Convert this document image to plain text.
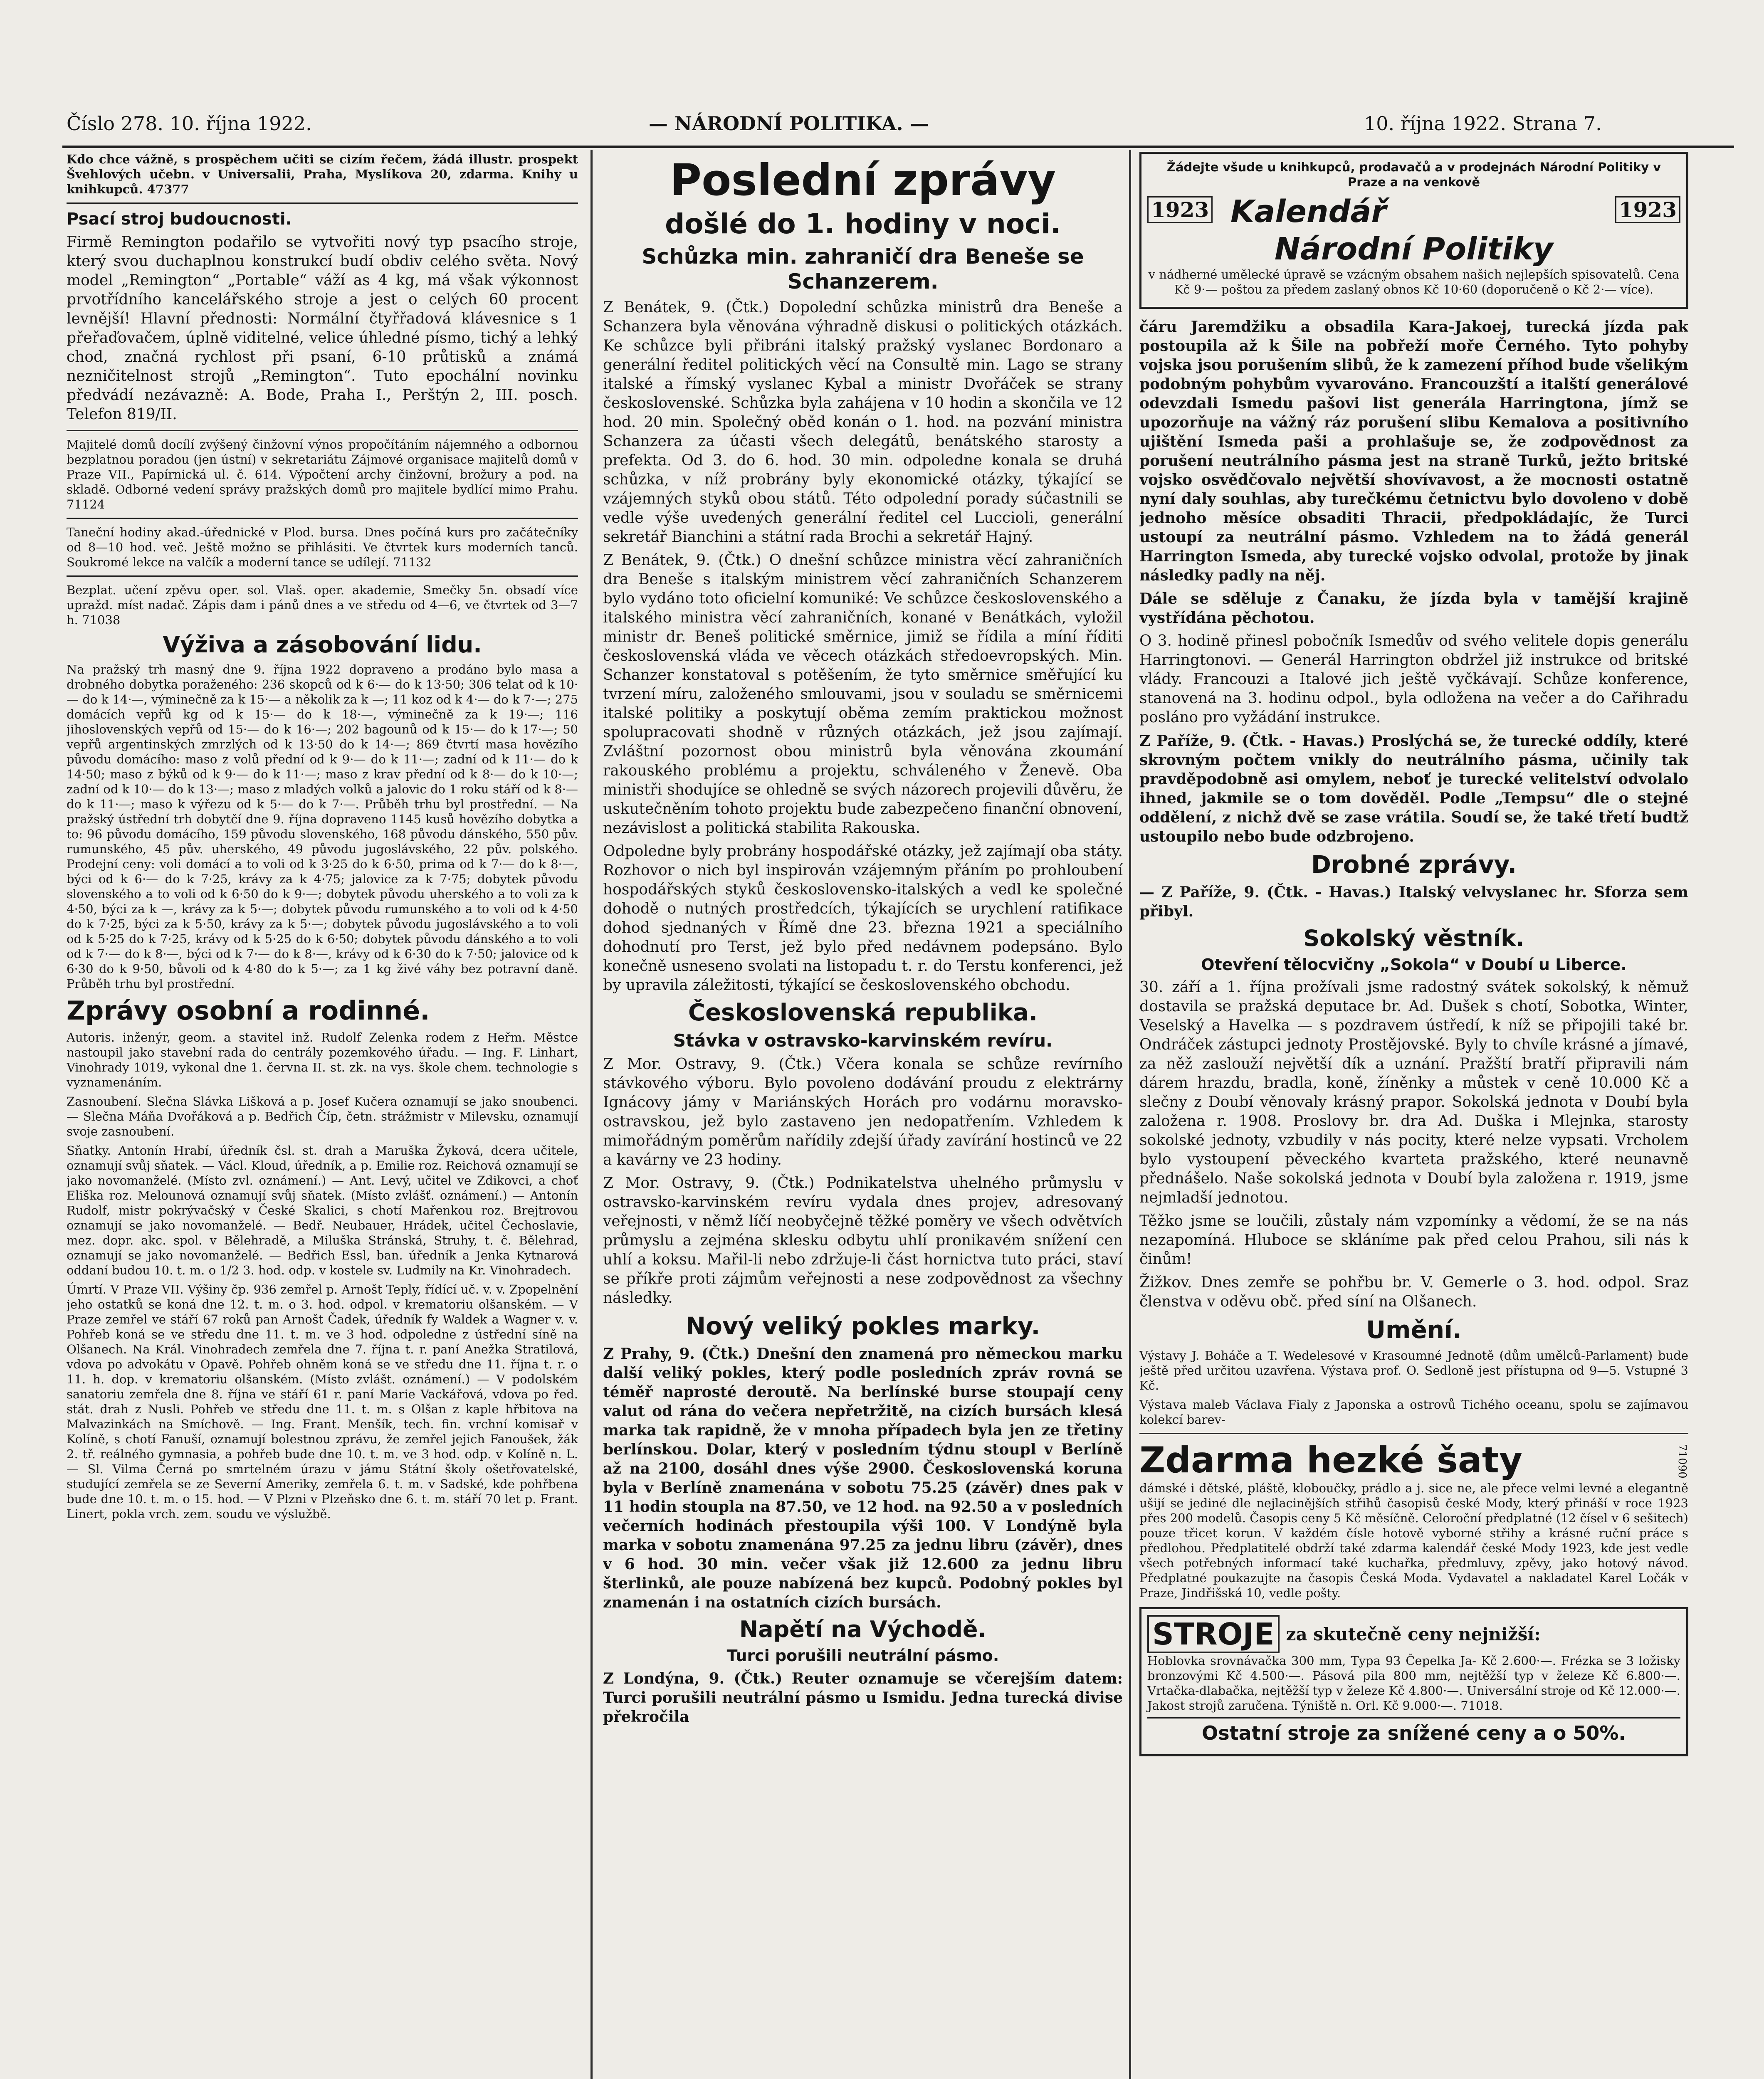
Číslo 278. 10. října 1922.	— NÁRODNÍ POLITIKA. —	10. října 1922. Strana 7.

Kdo chce vážně, s prospěchem učiti se cizím řečem, žádá illustr. prospekt Švehlových učebn. v Universalii, Praha, Myslíkova 20, zdarma. Knihy u knihkupců. 47377

Psací stroj budoucnosti.

Firmě Remington podařilo se vytvořiti nový typ psacího stroje, který svou duchaplnou konstrukcí budí obdiv celého světa. Nový model „Remington“ „Portable“ váží as 4 kg, má však výkonnost prvotřídního kancelářského stroje a jest o celých 60 procent levnější! Hlavní přednosti: Normální čtyřřadová klávesnice s 1 přeřaďovačem, úplně viditelné, velice úhledné písmo, tichý a lehký chod, značná rychlost při psaní, 6-10 průtisků a známá nezničitelnost strojů „Remington“. Tuto epochální novinku předvádí nezávazně: A. Bode, Praha I., Perštýn 2, III. posch. Telefon 819/II.

Majitelé domů docílí zvýšený činžovní výnos propočítáním nájemného a odbornou bezplatnou poradou (jen ústní) v sekretariátu Zájmové organisace majitelů domů v Praze VII., Papírnická ul. č. 614. Výpočtení archy činžovní, brožury a pod. na skladě. Odborné vedení správy pražských domů pro majitele bydlící mimo Prahu. 71124

Taneční hodiny akad.-úřednické v Plod. bursa. Dnes počíná kurs pro začátečníky od 8—10 hod. več. Ještě možno se přihlásiti. Ve čtvrtek kurs moderních tanců. Soukromé lekce na valčík a moderní tance se udílejí. 71132

Bezplat. učení zpěvu oper. sol. Vlaš. oper. akademie, Smečky 5n. obsadí více upražd. míst nadač. Zápis dam i pánů dnes a ve středu od 4—6, ve čtvrtek od 3—7 h. 71038

Výživa a zásobování lidu.

Na pražský trh masný dne 9. října 1922 dopraveno a prodáno bylo masa a drobného dobytka poraženého: 236 skopců od k 6·— do k 13·50; 306 telat od k 10·— do k 14·—, výminečně za k 15·— a několik za k —; 11 koz od k 4·— do k 7·—; 275 domácích vepřů kg od k 15·— do k 18·—, výminečně za k 19·—; 116 jihoslovenských vepřů od 15·— do k 16·—; 202 bagounů od k 15·— do k 17·—; 50 vepřů argentinských zmrzlých od k 13·50 do k 14·—; 869 čtvrtí masa hovězího původu domácího: maso z volů přední od k 9·— do k 11·—; zadní od k 11·— do k 14·50; maso z býků od k 9·— do k 11·—; maso z krav přední od k 8·— do k 10·—; zadní od k 10·— do k 13·—; maso z mladých volků a jalovic do 1 roku stáří od k 8·— do k 11·—; maso k výřezu od k 5·— do k 7·—. Průběh trhu byl prostřední. — Na pražský ústřední trh dobytčí dne 9. října dopraveno 1145 kusů hovězího dobytka a to: 96 původu domácího, 159 původu slovenského, 168 původu dánského, 550 pův. rumunského, 45 pův. uherského, 49 původu jugoslávského, 22 pův. polského. Prodejní ceny: voli domácí a to voli od k 3·25 do k 6·50, prima od k 7·— do k 8·—, býci od k 6·— do k 7·25, krávy za k 4·75; jalovice za k 7·75; dobytek původu slovenského a to voli od k 6·50 do k 9·—; dobytek původu uherského a to voli za k 4·50, býci za k —, krávy za k 5·—; dobytek původu rumunského a to voli od k 4·50 do k 7·25, býci za k 5·50, krávy za k 5·—; dobytek původu jugoslávského a to voli od k 5·25 do k 7·25, krávy od k 5·25 do k 6·50; dobytek původu dánského a to voli od k 7·— do k 8·—, býci od k 7·— do k 8·—, krávy od k 6·30 do k 7·50; jalovice od k 6·30 do k 9·50, bůvoli od k 4·80 do k 5·—; za 1 kg živé váhy bez potravní daně. Průběh trhu byl prostřední.

Zprávy osobní a rodinné.

Autoris. inženýr, geom. a stavitel inž. Rudolf Zelenka rodem z Heřm. Městce nastoupil jako stavební rada do centrály pozemkového úřadu. — Ing. F. Linhart, Vinohrady 1019, vykonal dne 1. června II. st. zk. na vys. škole chem. technologie s vyznamenáním.

Zasnoubení. Slečna Slávka Lišková a p. Josef Kučera oznamují se jako snoubenci. — Slečna Máňa Dvořáková a p. Bedřich Číp, četn. strážmistr v Milevsku, oznamují svoje zasnoubení.

Sňatky. Antonín Hrabí, úředník čsl. st. drah a Maruška Žyková, dcera učitele, oznamují svůj sňatek. — Václ. Kloud, úředník, a p. Emilie roz. Reichová oznamují se jako novomanželé. (Místo zvl. oznámení.) — Ant. Levý, učitel ve Zdikovci, a choť Eliška roz. Melounová oznamují svůj sňatek. (Místo zvlášť. oznámení.) — Antonín Rudolf, mistr pokrývačský v České Skalici, s chotí Mařenkou roz. Brejtrovou oznamují se jako novomanželé. — Bedř. Neubauer, Hrádek, učitel Čechoslavie, mez. dopr. akc. spol. v Bělehradě, a Miluška Stránská, Struhy, t. č. Bělehrad, oznamují se jako novomanželé. — Bedřich Essl, ban. úředník a Jenka Kytnarová oddaní budou 10. t. m. o 1/2 3. hod. odp. v kostele sv. Ludmily na Kr. Vinohradech.

Úmrtí. V Praze VII. Výšiny čp. 936 zemřel p. Arnošt Teply, řídící uč. v. v. Zpopelnění jeho ostatků se koná dne 12. t. m. o 3. hod. odpol. v krematoriu olšanském. — V Praze zemřel ve stáří 67 roků pan Arnošt Čadek, úředník fy Waldek a Wagner v. v. Pohřeb koná se ve středu dne 11. t. m. ve 3 hod. odpoledne z ústřední síně na Olšanech. Na Král. Vinohradech zemřela dne 7. října t. r. paní Anežka Stratilová, vdova po advokátu v Opavě. Pohřeb ohněm koná se ve středu dne 11. října t. r. o 11. h. dop. v krematoriu olšanském. (Místo zvlášt. oznámení.) — V podolském sanatoriu zemřela dne 8. října ve stáří 61 r. paní Marie Vackářová, vdova po řed. stát. drah z Nusli. Pohřeb ve středu dne 11. t. m. s Olšan z kaple hřbitova na Malvazinkách na Smíchově. — Ing. Frant. Menšík, tech. fin. vrchní komisař v Kolíně, s chotí Fanuší, oznamují bolestnou zprávu, že zemřel jejich Fanoušek, žák 2. tř. reálného gymnasia, a pohřeb bude dne 10. t. m. ve 3 hod. odp. v Kolíně n. L. — Sl. Vilma Černá po smrtelném úrazu v jámu Státní školy ošetřovatelské, studující zemřela se ze Severní Ameriky, zemřela 6. t. m. v Sadské, kde pohřbena bude dne 10. t. m. o 15. hod. — V Plzni v Plzeňsko dne 6. t. m. stáří 70 let p. Frant. Linert, pokla vrch. zem. soudu ve výslužbě.

Poslední zprávy
došlé do 1. hodiny v noci.
Schůzka min. zahraničí dra Beneše se Schanzerem.

Z Benátek, 9. (Čtk.) Dopolední schůzka ministrů dra Beneše a Schanzera byla věnována výhradně diskusi o politických otázkách. Ke schůzce byli přibráni italský pražský vyslanec Bordonaro a generální ředitel politických věcí na Consultě min. Lago se strany italské a římský vyslanec Kybal a ministr Dvořáček se strany československé. Schůzka byla zahájena v 10 hodin a skončila ve 12 hod. 20 min. Společný oběd konán o 1. hod. na pozvání ministra Schanzera za účasti všech delegátů, benátského starosty a prefekta. Od 3. do 6. hod. 30 min. odpoledne konala se druhá schůzka, v níž probrány byly ekonomické otázky, týkající se vzájemných styků obou států. Této odpolední porady súčastnili se vedle výše uvedených generální ředitel cel Luccioli, generální sekretář Bianchini a státní rada Brochi a sekretář Hajný.

Z Benátek, 9. (Čtk.) O dnešní schůzce ministra věcí zahraničních dra Beneše s italským ministrem věcí zahraničních Schanzerem bylo vydáno toto oficielní komuniké: Ve schůzce československého a italského ministra věcí zahraničních, konané v Benátkách, vyložil ministr dr. Beneš politické směrnice, jimiž se řídila a míní říditi československá vláda ve věcech otázkách středoevropských. Min. Schanzer konstatoval s potěšením, že tyto směrnice směřující ku tvrzení míru, založeného smlouvami, jsou v souladu se směrnicemi italské politiky a poskytují oběma zemím praktickou možnost spolupracovati shodně v různých otázkách, jež jsou zajímají. Zvláštní pozornost obou ministrů byla věnována zkoumání rakouského problému a projektu, schváleného v Ženevě. Oba ministři shodujíce se ohledně se svých názorech projevili důvěru, že uskutečněním tohoto projektu bude zabezpečeno finanční obnovení, nezávislost a politická stabilita Rakouska.

Odpoledne byly probrány hospodářské otázky, jež zajímají oba státy. Rozhovor o nich byl inspirován vzájemným přáním po prohloubení hospodářských styků československo-italských a vedl ke společné dohodě o nutných prostředcích, týkajících se urychlení ratifikace dohod sjednaných v Římě dne 23. března 1921 a speciálního dohodnutí pro Terst, jež bylo před nedávnem podepsáno. Bylo konečně usneseno svolati na listopadu t. r. do Terstu konferenci, jež by upravila záležitosti, týkající se československého obchodu.

Československá republika.
Stávka v ostravsko-karvinském revíru.

Z Mor. Ostravy, 9. (Čtk.) Včera konala se schůze revírního stávkového výboru. Bylo povoleno dodávání proudu z elektrárny Ignácovy jámy v Mariánských Horách pro vodárnu moravsko-ostravskou, jež bylo zastaveno jen nedopatřením. Vzhledem k mimořádným poměrům nařídily zdejší úřady zavírání hostinců ve 22 a kavárny ve 23 hodiny.

Z Mor. Ostravy, 9. (Čtk.) Podnikatelstva uhelného průmyslu v ostravsko-karvinském revíru vydala dnes projev, adresovaný veřejnosti, v němž líčí neobyčejně těžké poměry ve všech odvětvích průmyslu a zejména sklesku odbytu uhlí pronikavém snížení cen uhlí a koksu. Mařil-li nebo zdržuje-li část hornictva tuto práci, staví se příkře proti zájmům veřejnosti a nese zodpovědnost za všechny následky.

Nový veliký pokles marky.

Z Prahy, 9. (Čtk.) Dnešní den znamená pro německou marku další veliký pokles, který podle posledních zpráv rovná se téměř naprosté deroutě. Na berlínské burse stoupají ceny valut od rána do večera nepřetržitě, na cizích bursách klesá marka tak rapidně, že v mnoha případech byla jen ze třetiny berlínskou. Dolar, který v posledním týdnu stoupl v Berlíně až na 2100, dosáhl dnes výše 2900. Československá koruna byla v Berlíně znamenána v sobotu 75.25 (závěr) dnes pak v 11 hodin stoupla na 87.50, ve 12 hod. na 92.50 a v posledních večerních hodinách přestoupila výši 100. V Londýně byla marka v sobotu znamenána 97.25 za jednu libru (závěr), dnes v 6 hod. 30 min. večer však již 12.600 za jednu libru šterlinků, ale pouze nabízená bez kupců. Podobný pokles byl znamenán i na ostatních cizích bursách.

Napětí na Východě.
Turci porušili neutrální pásmo.

Z Londýna, 9. (Čtk.) Reuter oznamuje se včerejším datem: Turci porušili neutrální pásmo u Ismidu. Jedna turecká divise překročila

Žádejte všude u knihkupců, prodavačů a v prodejnách Národní Politiky v Praze a na venkově

1923 Kalendář	1923
Národní Politiky

v nádherné umělecké úpravě se vzácným obsahem našich nejlepších spisovatelů. Cena Kč 9·— poštou za předem zaslaný obnos Kč 10·60 (doporučeně o Kč 2·— více).

čáru Jaremdžiku a obsadila Kara-Jakoej, turecká jízda pak postoupila až k Šile na pobřeží moře Černého. Tyto pohyby vojska jsou porušením slibů, že k zamezení příhod bude všelikým podobným pohybům vyvarováno. Francouzští a italští generálové odevzdali Ismedu pašovi list generála Harringtona, jímž se upozorňuje na vážný ráz porušení slibu Kemalova a positivního ujištění Ismeda paši a prohlašuje se, že zodpovědnost za porušení neutrálního pásma jest na straně Turků, ježto britské vojsko osvědčovalo největší shovívavost, a že mocnosti ostatně nyní daly souhlas, aby turečkému četnictvu bylo dovoleno v době jednoho měsíce obsaditi Thracii, předpokládajíc, že Turci ustoupí za neutrální pásmo. Vzhledem na to žádá generál Harrington Ismeda, aby turecké vojsko odvolal, protože by jinak následky padly na něj.

Dále se sděluje z Čanaku, že jízda byla v tamější krajině vystřídána pěchotou.

O 3. hodině přinesl pobočník Ismedův od svého velitele dopis generálu Harringtonovi. — Generál Harrington obdržel již instrukce od britské vlády. Francouzi a Italové jich ještě vyčkávají. Schůze konference, stanovená na 3. hodinu odpol., byla odložena na večer a do Cařihradu posláno pro vyžádání instrukce.

Z Paříže, 9. (Čtk. - Havas.) Proslýchá se, že turecké oddíly, které skrovným počtem vnikly do neutrálního pásma, učinily tak pravděpodobně asi omylem, neboť je turecké velitelství odvolalo ihned, jakmile se o tom dověděl. Podle „Tempsu“ dle o stejné oddělení, z nichž dvě se zase vrátila. Soudí se, že také třetí budtž ustoupilo nebo bude odzbrojeno.

Drobné zprávy.

— Z Paříže, 9. (Čtk. - Havas.) Italský velvyslanec hr. Sforza sem přibyl.

Sokolský věstník.
Otevření tělocvičny „Sokola“ v Doubí u Liberce.

30. září a 1. října prožívali jsme radostný svátek sokolský, k němuž dostavila se pražská deputace br. Ad. Dušek s chotí, Sobotka, Winter, Veselský a Havelka — s pozdravem ústředí, k níž se připojili také br. Ondráček zástupci jednoty Prostějovské. Byly to chvíle krásné a jímavé, za něž zaslouží největší dík a uznání. Pražští bratří připravili nám dárem hrazdu, bradla, koně, žíněnky a můstek v ceně 10.000 Kč a slečny z Doubí věnovaly krásný prapor. Sokolská jednota v Doubí byla založena r. 1908. Proslovy br. dra Ad. Duška i Mlejnka, starosty sokolské jednoty, vzbudily v nás pocity, které nelze vypsati. Vrcholem bylo vystoupení pěveckého kvarteta pražského, které neunavně přednášelo. Naše sokolská jednota v Doubí byla založena r. 1919, jsme nejmladší jednotou.

Těžko jsme se loučili, zůstaly nám vzpomínky a vědomí, že se na nás nezapomíná. Hluboce se skláníme pak před celou Prahou, sili nás k činům!

Žižkov. Dnes zemře se pohřbu br. V. Gemerle o 3. hod. odpol. Sraz členstva v oděvu obč. před síní na Olšanech.

Umění.

Výstavy J. Boháče a T. Wedelesové v Krasoumné Jednotě (dům umělců-Parlament) bude ještě před určitou uzavřena. Výstava prof. O. Sedloně jest přístupna od 9—5. Vstupné 3 Kč.

Výstava maleb Václava Fialy z Japonska a ostrovů Tichého oceanu, spolu se zajímavou kolekcí barev-

Zdarma hezké šaty	71090

dámské i dětské, pláště, kloboučky, prádlo a j. sice ne, ale přece velmi levné a elegantně ušijí se jediné dle nejlacinějších střihů časopisů české Mody, který přináší v roce 1923 přes 200 modelů. Časopis ceny 5 Kč měsíčně. Celoroční předplatné (12 čísel v 6 sešitech) pouze třicet korun. V každém čísle hotově vyborné střihy a krásné ruční práce s předlohou. Předplatitelé obdrží také zdarma kalendář české Mody 1923, kde jest vedle všech potřebných informací také kuchařka, předmluvy, zpěvy, jako hotový návod. Předplatné poukazujte na časopis Česká Moda. Vydavatel a nakladatel Karel Ločák v Praze, Jindřišská 10, vedle pošty.

STROJE za skutečně ceny nejnižší:

Hoblovka srovnávačka 300 mm, Typa 93 Čepelka Ja- Kč 2.600·—. Frézka se 3 ložisky bronzovými Kč 4.500·—. Pásová pila 800 mm, nejtěžší typ v železe Kč 6.800·—. Vrtačka-dlabačka, nejtěžší typ v železe Kč 4.800·—. Universální stroje od Kč 12.000·—. Jakost strojů zaručena. Týniště n. Orl. Kč 9.000·—. 71018.

Ostatní stroje za snížené ceny a o 50%.
